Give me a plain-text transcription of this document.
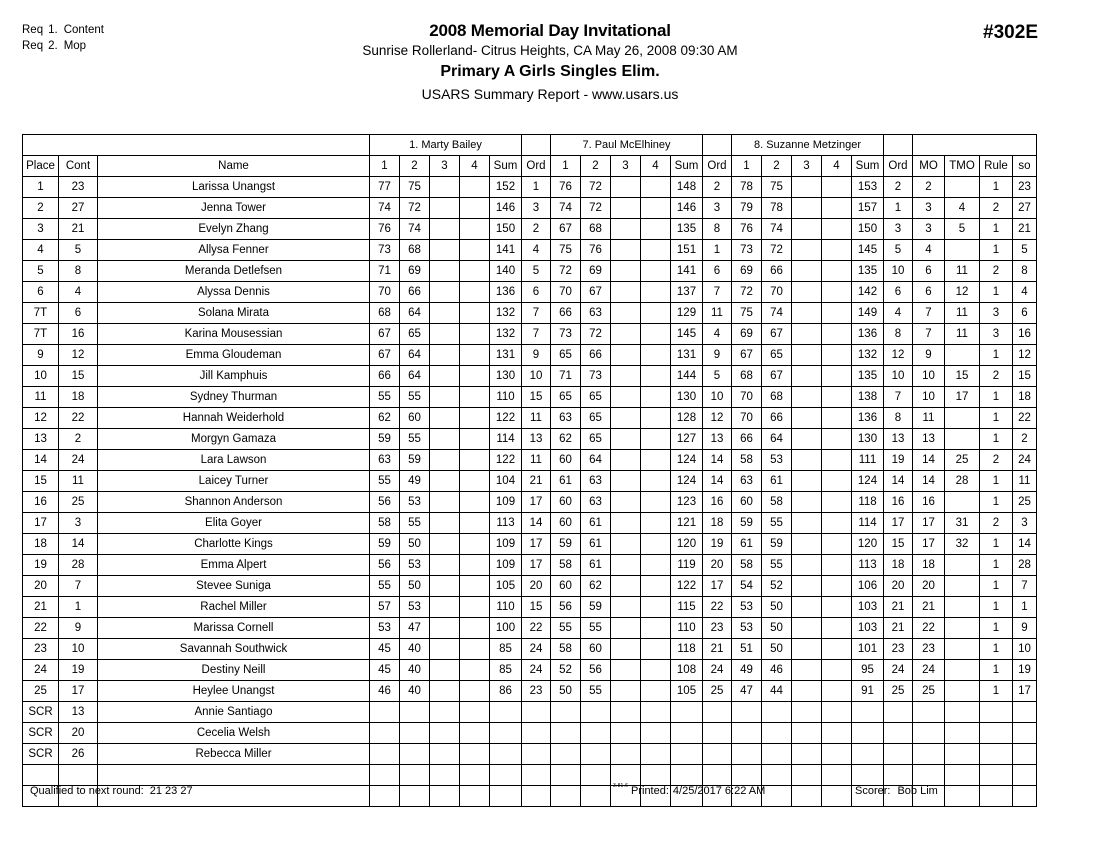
Req 1. Content
Req 2. Mop
2008 Memorial Day Invitational
Sunrise Rollerland- Citrus Heights, CA May 26, 2008 09:30 AM
Primary A Girls Singles Elim.
USARS Summary Report - www.usars.us
#302E
			1. Marty Bailey						7. Paul McElhiney						8. Suzanne Metzinger									
Place	Cont	Name	1	2	3	4	Sum	Ord	1	2	3	4	Sum	Ord	1	2	3	4	Sum	Ord	MO	TMO	Rule	so
1	23	Larissa Unangst	77	75			152	1	76	72			148	2	78	75			153	2	2		1	23
2	27	Jenna Tower	74	72			146	3	74	72			146	3	79	78			157	1	3	4	2	27
3	21	Evelyn Zhang	76	74			150	2	67	68			135	8	76	74			150	3	3	5	1	21
4	5	Allysa Fenner	73	68			141	4	75	76			151	1	73	72			145	5	4		1	5
5	8	Meranda Detlefsen	71	69			140	5	72	69			141	6	69	66			135	10	6	11	2	8
6	4	Alyssa Dennis	70	66			136	6	70	67			137	7	72	70			142	6	6	12	1	4
7T	6	Solana Mirata	68	64			132	7	66	63			129	11	75	74			149	4	7	11	3	6
7T	16	Karina Mousessian	67	65			132	7	73	72			145	4	69	67			136	8	7	11	3	16
9	12	Emma Gloudeman	67	64			131	9	65	66			131	9	67	65			132	12	9		1	12
10	15	Jill Kamphuis	66	64			130	10	71	73			144	5	68	67			135	10	10	15	2	15
11	18	Sydney Thurman	55	55			110	15	65	65			130	10	70	68			138	7	10	17	1	18
12	22	Hannah Weiderhold	62	60			122	11	63	65			128	12	70	66			136	8	11		1	22
13	2	Morgyn Gamaza	59	55			114	13	62	65			127	13	66	64			130	13	13		1	2
14	24	Lara Lawson	63	59			122	11	60	64			124	14	58	53			111	19	14	25	2	24
15	11	Laicey Turner	55	49			104	21	61	63			124	14	63	61			124	14	14	28	1	11
16	25	Shannon Anderson	56	53			109	17	60	63			123	16	60	58			118	16	16		1	25
17	3	Elita Goyer	58	55			113	14	60	61			121	18	59	55			114	17	17	31	2	3
18	14	Charlotte Kings	59	50			109	17	59	61			120	19	61	59			120	15	17	32	1	14
19	28	Emma Alpert	56	53			109	17	58	61			119	20	58	55			113	18	18		1	28
20	7	Stevee Suniga	55	50			105	20	60	62			122	17	54	52			106	20	20		1	7
21	1	Rachel Miller	57	53			110	15	56	59			115	22	53	50			103	21	21		1	1
22	9	Marissa Cornell	53	47			100	22	55	55			110	23	53	50			103	21	22		1	9
23	10	Savannah Southwick	45	40			85	24	58	60			118	21	51	50			101	23	23		1	10
24	19	Destiny Neill	45	40			85	24	52	56			108	24	49	46			95	24	24		1	19
25	17	Heylee Unangst	46	40			86	23	50	55			105	25	47	44			91	25	25		1	17
SCR	13	Annie Santiago																						
SCR	20	Cecelia Welsh																						
SCR	26	Rebecca Miller																						

Qualified to next round: 21 23 27	3.81.6 Printed: 4/25/2017 6:22 AM	Scorer: Bob Lim
